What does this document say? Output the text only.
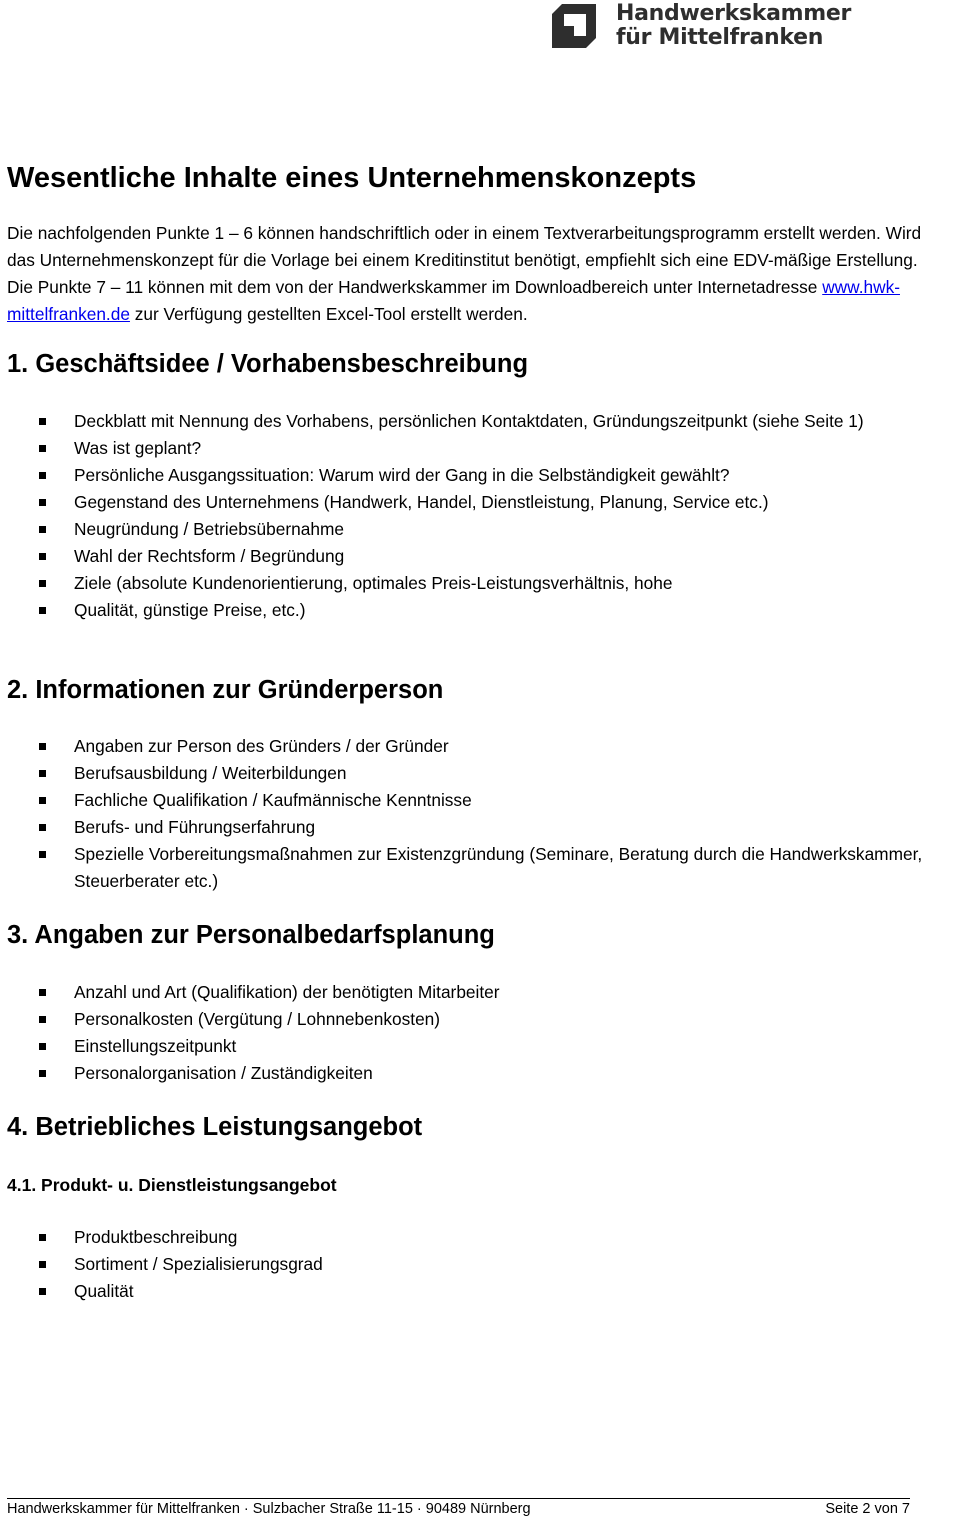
Handwerkskammer
für Mittelfranken
Wesentliche Inhalte eines Unternehmenskonzepts

Die nachfolgenden Punkte 1 – 6 können handschriftlich oder in einem Textverarbeitungsprogramm erstellt werden. Wird das Unternehmenskonzept für die Vorlage bei einem Kreditinstitut benötigt, empfiehlt sich eine EDV-mäßige Erstellung. Die Punkte 7 – 11 können mit dem von der Handwerkskammer im Downloadbereich unter Internetadresse www.hwk-mittelfranken.de zur Verfügung gestellten Excel-Tool erstellt werden.

1. Geschäftsidee / Vorhabensbeschreibung
Deckblatt mit Nennung des Vorhabens, persönlichen Kontaktdaten, Gründungszeitpunkt (siehe Seite 1)
Was ist geplant?
Persönliche Ausgangssituation: Warum wird der Gang in die Selbständigkeit gewählt?
Gegenstand des Unternehmens (Handwerk, Handel, Dienstleistung, Planung, Service etc.)
Neugründung / Betriebsübernahme
Wahl der Rechtsform / Begründung
Ziele (absolute Kundenorientierung, optimales Preis-Leistungsverhältnis, hohe
Qualität, günstige Preise, etc.)
2. Informationen zur Gründerperson
Angaben zur Person des Gründers / der Gründer
Berufsausbildung / Weiterbildungen
Fachliche Qualifikation / Kaufmännische Kenntnisse
Berufs- und Führungserfahrung
Spezielle Vorbereitungsmaßnahmen zur Existenzgründung (Seminare, Beratung durch die Handwerkskammer, Steuerberater etc.)
3. Angaben zur Personalbedarfsplanung
Anzahl und Art (Qualifikation) der benötigten Mitarbeiter
Personalkosten (Vergütung / Lohnnebenkosten)
Einstellungszeitpunkt
Personalorganisation / Zuständigkeiten
4. Betriebliches Leistungsangebot
4.1. Produkt- u. Dienstleistungsangebot
Produktbeschreibung
Sortiment / Spezialisierungsgrad
Qualität
Handwerkskammer für Mittelfranken · Sulzbacher Straße 11-15 · 90489 Nürnberg	Seite 2 von 7
